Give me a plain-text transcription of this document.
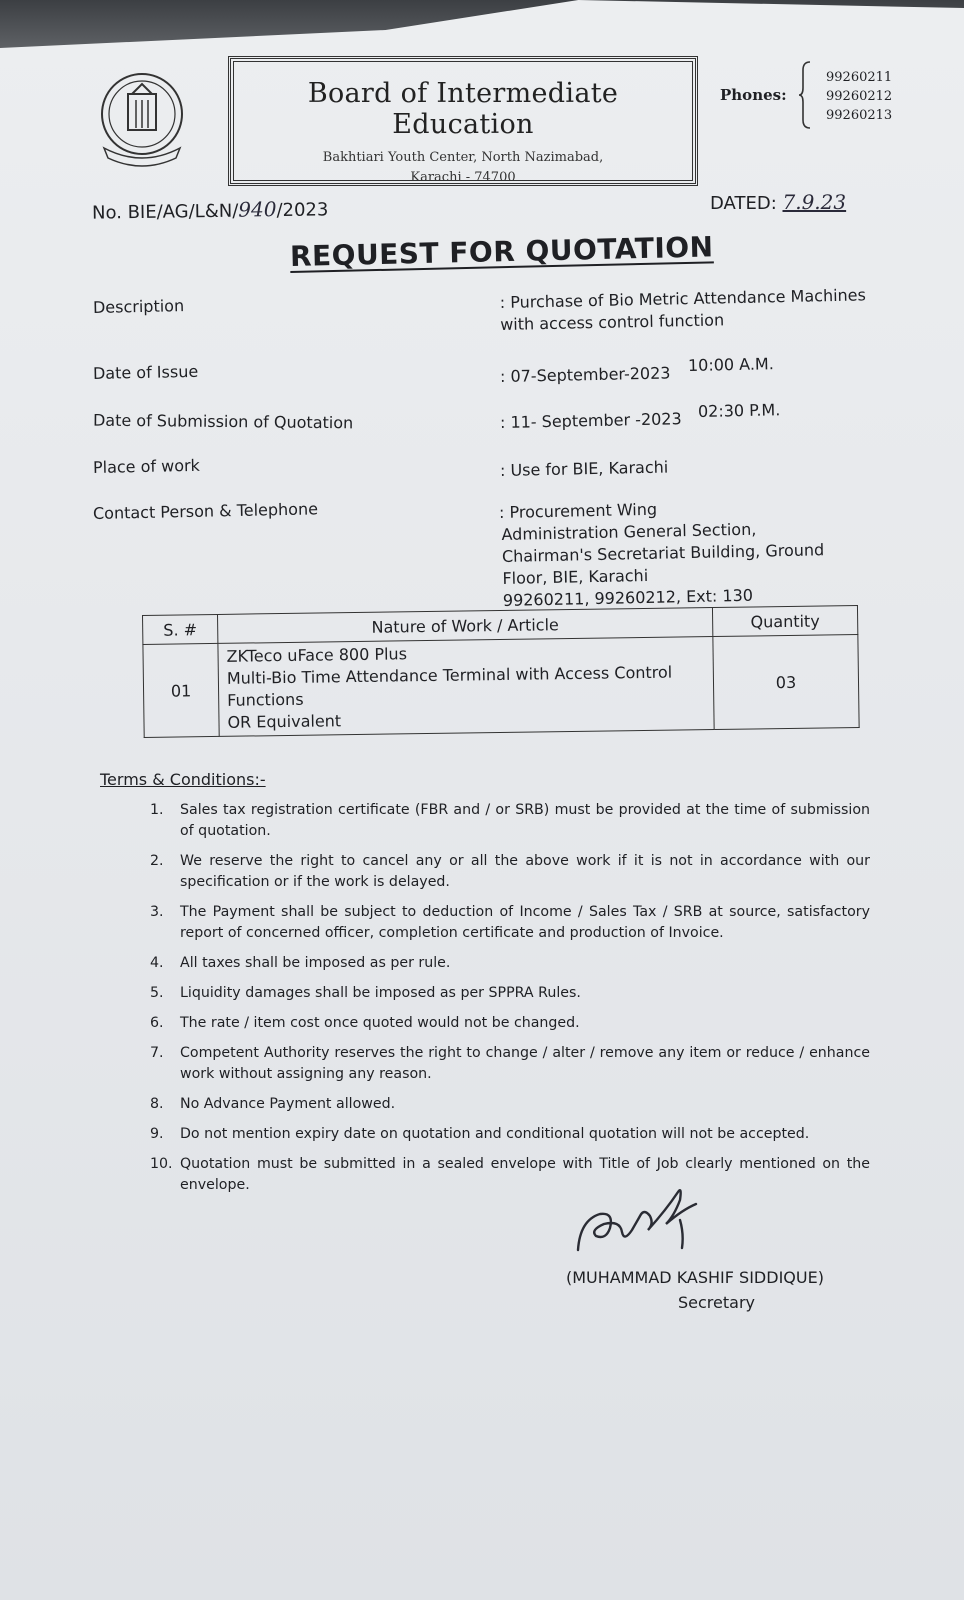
Board of Intermediate Education
Bakhtiari Youth Center, North Nazimabad,
Karachi - 74700
Phones:
99260211
99260212
99260213
No. BIE/AG/L&N/940/2023	DATED: 7.9.23
REQUEST FOR QUOTATION
Description	: Purchase of Bio Metric Attendance Machines
with access control function
Date of Issue	: 07-September-2023 10:00 A.M.
Date of Submission of Quotation	: 11- September -2023 02:30 P.M.
Place of work	: Use for BIE, Karachi
Contact Person & Telephone	: Procurement Wing
Administration General Section,
Chairman's Secretariat Building, Ground
Floor, BIE, Karachi
99260211, 99260212, Ext: 130
S. #	Nature of Work / Article	Quantity
01	ZKTeco uFace 800 Plus
Multi-Bio Time Attendance Terminal with Access Control
Functions
OR Equivalent	03
Terms & Conditions:-
1.	Sales tax registration certificate (FBR and / or SRB) must be provided at the time of submission of quotation.
2.	We reserve the right to cancel any or all the above work if it is not in accordance with our specification or if the work is delayed.
3.	The Payment shall be subject to deduction of Income / Sales Tax / SRB at source, satisfactory report of concerned officer, completion certificate and production of Invoice.
4.	All taxes shall be imposed as per rule.
5.	Liquidity damages shall be imposed as per SPPRA Rules.
6.	The rate / item cost once quoted would not be changed.
7.	Competent Authority reserves the right to change / alter / remove any item or reduce / enhance work without assigning any reason.
8.	No Advance Payment allowed.
9.	Do not mention expiry date on quotation and conditional quotation will not be accepted.
10. Quotation must be submitted in a sealed envelope with Title of Job clearly mentioned on the envelope.
(MUHAMMAD KASHIF SIDDIQUE)
Secretary
